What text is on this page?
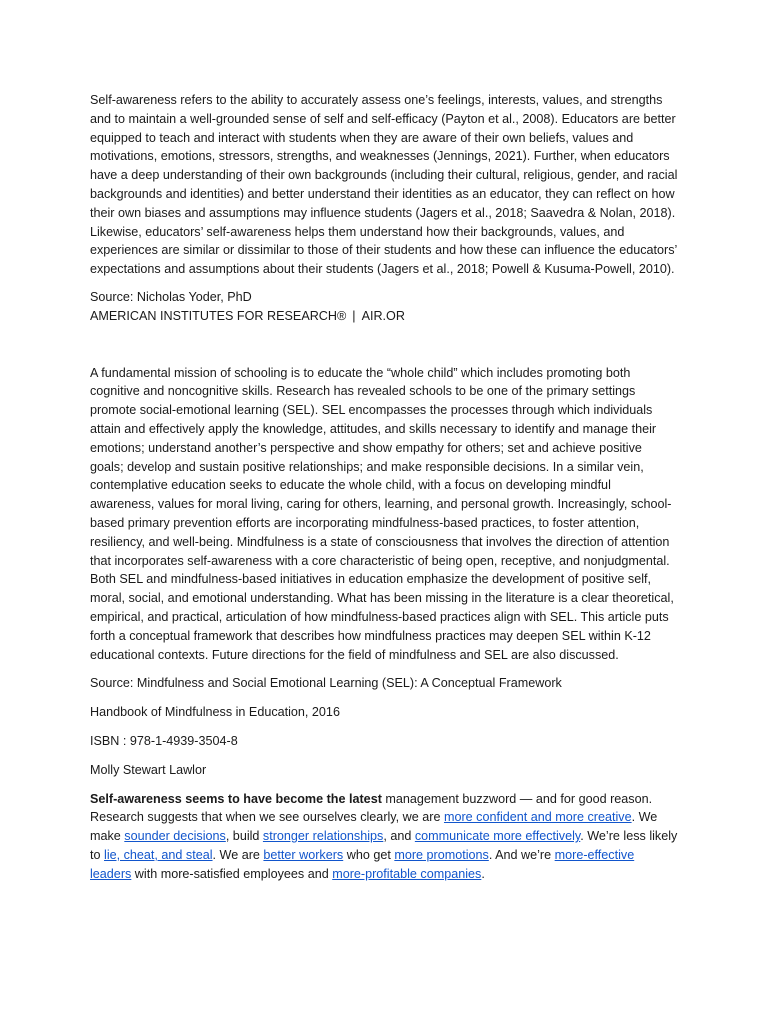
Self-awareness refers to the ability to accurately assess one’s feelings, interests, values, and strengths and to maintain a well-grounded sense of self and self-efficacy (Payton et al., 2008). Educators are better equipped to teach and interact with students when they are aware of their own beliefs, values and motivations, emotions, stressors, strengths, and weaknesses (Jennings, 2021). Further, when educators have a deep understanding of their own backgrounds (including their cultural, religious, gender, and racial backgrounds and identities) and better understand their identities as an educator, they can reflect on how their own biases and assumptions may influence students (Jagers et al., 2018; Saavedra & Nolan, 2018). Likewise, educators’ self-awareness helps them understand how their backgrounds, values, and experiences are similar or dissimilar to those of their students and how these can influence the educators’ expectations and assumptions about their students (Jagers et al., 2018; Powell & Kusuma-Powell, 2010).

Source: Nicholas Yoder, PhD

AMERICAN INSTITUTES FOR RESEARCH® | AIR.OR

A fundamental mission of schooling is to educate the “whole child” which includes promoting both cognitive and noncognitive skills. Research has revealed schools to be one of the primary settings promote social-emotional learning (SEL). SEL encompasses the processes through which individuals attain and effectively apply the knowledge, attitudes, and skills necessary to identify and manage their emotions; understand another’s perspective and show empathy for others; set and achieve positive goals; develop and sustain positive relationships; and make responsible decisions. In a similar vein, contemplative education seeks to educate the whole child, with a focus on developing mindful awareness, values for moral living, caring for others, learning, and personal growth. Increasingly, school-based primary prevention efforts are incorporating mindfulness-based practices, to foster attention, resiliency, and well-being. Mindfulness is a state of consciousness that involves the direction of attention that incorporates self-awareness with a core characteristic of being open, receptive, and nonjudgmental. Both SEL and mindfulness-based initiatives in education emphasize the development of positive self, moral, social, and emotional understanding. What has been missing in the literature is a clear theoretical, empirical, and practical, articulation of how mindfulness-based practices align with SEL. This article puts forth a conceptual framework that describes how mindfulness practices may deepen SEL within K-12 educational contexts. Future directions for the field of mindfulness and SEL are also discussed.

Source: Mindfulness and Social Emotional Learning (SEL): A Conceptual Framework

Handbook of Mindfulness in Education, 2016

ISBN : 978-1-4939-3504-8

Molly Stewart Lawlor

Self-awareness seems to have become the latest management buzzword — and for good reason. Research suggests that when we see ourselves clearly, we are more confident and more creative. We make sounder decisions, build stronger relationships, and communicate more effectively. We’re less likely to lie, cheat, and steal. We are better workers who get more promotions. And we’re more-effective leaders with more-satisfied employees and more-profitable companies.
